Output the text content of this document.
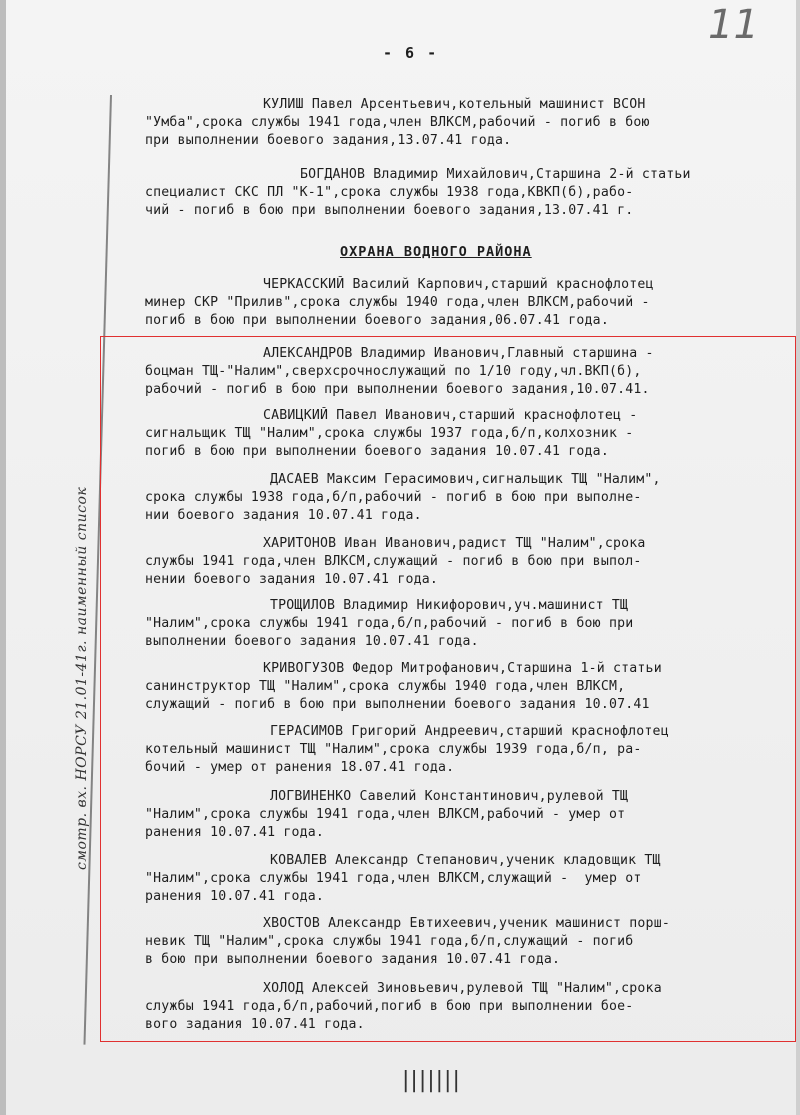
11
- 6 -
смотр. вх. НОРСУ 21.01-41г. наименный список
КУЛИШ Павел Арсентьевич,котельный машинист ВСОН
"Умба",срока службы 1941 года,член ВЛКСМ,рабочий - погиб в бою
при выполнении боевого задания,13.07.41 года.
БОГДАНОВ Владимир Михайлович,Старшина 2-й статьи
специалист СКС ПЛ "К-1",срока службы 1938 года,КВКП(б),рабо-
чий - погиб в бою при выполнении боевого задания,13.07.41 г.
ОХРАНА ВОДНОГО РАЙОНА
ЧЕРКАССКИЙ Василий Карпович,старший краснофлотец
минер СКР "Прилив",срока службы 1940 года,член ВЛКСМ,рабочий -
погиб в бою при выполнении боевого задания,06.07.41 года.
АЛЕКСАНДРОВ Владимир Иванович,Главный старшина -
боцман ТЩ-"Налим",сверхсрочнослужащий по 1/10 году,чл.ВКП(б),
рабочий - погиб в бою при выполнении боевого задания,10.07.41.
САВИЦКИЙ Павел Иванович,старший краснофлотец -
сигнальщик ТЩ "Налим",срока службы 1937 года,б/п,колхозник -
погиб в бою при выполнении боевого задания 10.07.41 года.
ДАСАЕВ Максим Герасимович,сигнальщик ТЩ "Налим",
срока службы 1938 года,б/п,рабочий - погиб в бою при выполне-
нии боевого задания 10.07.41 года.
ХАРИТОНОВ Иван Иванович,радист ТЩ "Налим",срока
службы 1941 года,член ВЛКСМ,служащий - погиб в бою при выпол-
нении боевого задания 10.07.41 года.
ТРОЩИЛОВ Владимир Никифорович,уч.машинист ТЩ
"Налим",срока службы 1941 года,б/п,рабочий - погиб в бою при
выполнении боевого задания 10.07.41 года.
КРИВОГУЗОВ Федор Митрофанович,Старшина 1-й статьи
санинструктор ТЩ "Налим",срока службы 1940 года,член ВЛКСМ,
служащий - погиб в бою при выполнении боевого задания 10.07.41
ГЕРАСИМОВ Григорий Андреевич,старший краснофлотец
котельный машинист ТЩ "Налим",срока службы 1939 года,б/п, ра-
бочий - умер от ранения 18.07.41 года.
ЛОГВИНЕНКО Савелий Константинович,рулевой ТЩ
"Налим",срока службы 1941 года,член ВЛКСМ,рабочий - умер от
ранения 10.07.41 года.
КОВАЛЕВ Александр Степанович,ученик кладовщик ТЩ
"Налим",срока службы 1941 года,член ВЛКСМ,служащий -  умер от
ранения 10.07.41 года.
ХВОСТОВ Александр Евтихеевич,ученик машинист порш-
невик ТЩ "Налим",срока службы 1941 года,б/п,служащий - погиб
в бою при выполнении боевого задания 10.07.41 года.
ХОЛОД Алексей Зиновьевич,рулевой ТЩ "Налим",срока
службы 1941 года,б/п,рабочий,погиб в бою при выполнении бое-
вого задания 10.07.41 года.
|||||||
